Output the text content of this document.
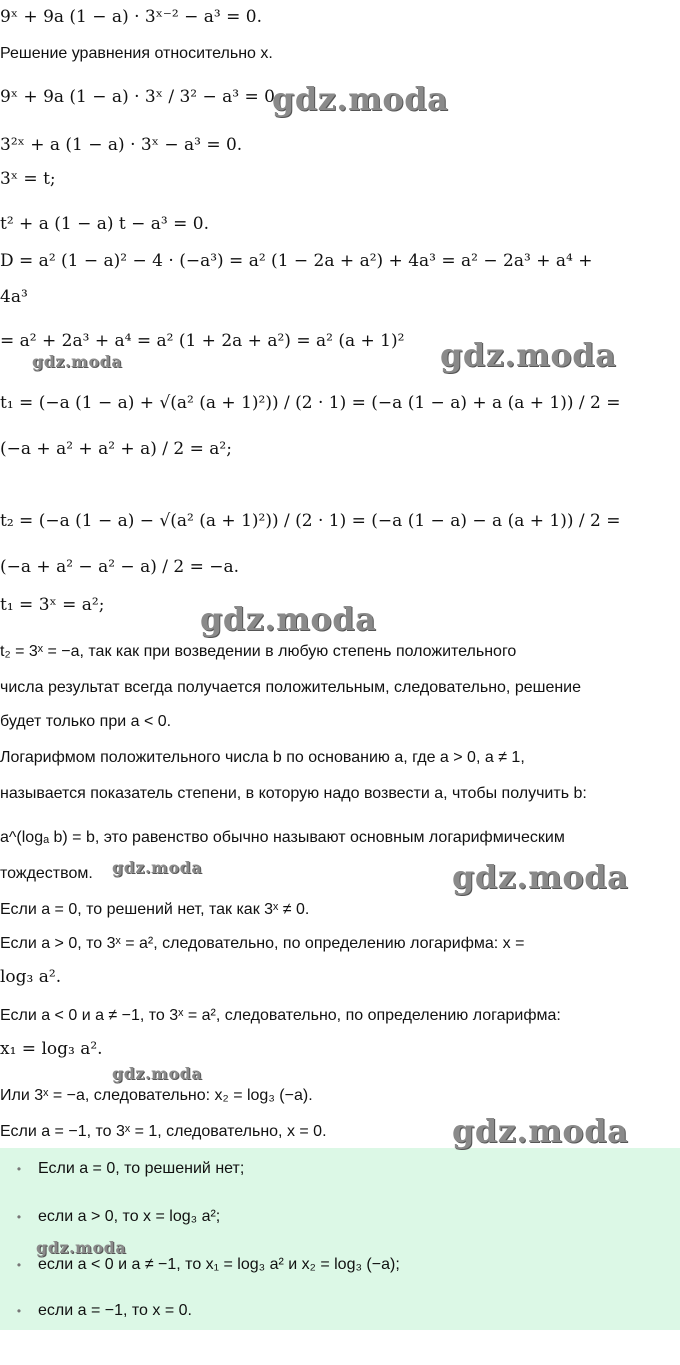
9ˣ + 9a (1 − a) · 3ˣ⁻² − a³ = 0.
Решение уравнения относительно x.
9ˣ + 9a (1 − a) · 3ˣ / 3² − a³ = 0;
3²ˣ + a (1 − a) · 3ˣ − a³ = 0.
3ˣ = t;
t² + a (1 − a) t − a³ = 0.
D = a² (1 − a)² − 4 · (−a³) = a² (1 − 2a + a²) + 4a³ = a² − 2a³ + a⁴ +
4a³
= a² + 2a³ + a⁴ = a² (1 + 2a + a²) = a² (a + 1)²
t₁ = (−a (1 − a) + √(a² (a + 1)²)) / (2 · 1) = (−a (1 − a) + a (a + 1)) / 2 =
(−a + a² + a² + a) / 2 = a²;
t₂ = (−a (1 − a) − √(a² (a + 1)²)) / (2 · 1) = (−a (1 − a) − a (a + 1)) / 2 =
(−a + a² − a² − a) / 2 = −a.
t₁ = 3ˣ = a²;
t₂ = 3ˣ = −a, так как при возведении в любую степень положительного
числа результат всегда получается положительным, следовательно, решение
будет только при a < 0.
Логарифмом положительного числа b по основанию a, где a > 0, a ≠ 1,
называется показатель степени, в которую надо возвести a, чтобы получить b:
a^(logₐ b) = b, это равенство обычно называют основным логарифмическим
тождеством.
Если a = 0, то решений нет, так как 3ˣ ≠ 0.
Если a > 0, то 3ˣ = a², следовательно, по определению логарифма: x =
log₃ a².
Если a < 0 и a ≠ −1, то 3ˣ = a², следовательно, по определению логарифма:
x₁ = log₃ a².
Или 3ˣ = −a, следовательно: x₂ = log₃ (−a).
Если a = −1, то 3ˣ = 1, следовательно, x = 0.
• Если a = 0, то решений нет;
• если a > 0, то x = log₃ a²;
• если a < 0 и a ≠ −1, то x₁ = log₃ a² и x₂ = log₃ (−a);
• если a = −1, то x = 0.
gdz.moda
gdz.moda
gdz.moda
gdz.moda
gdz.moda	gdz.moda
gdz.moda
gdz.moda
gdz.moda
